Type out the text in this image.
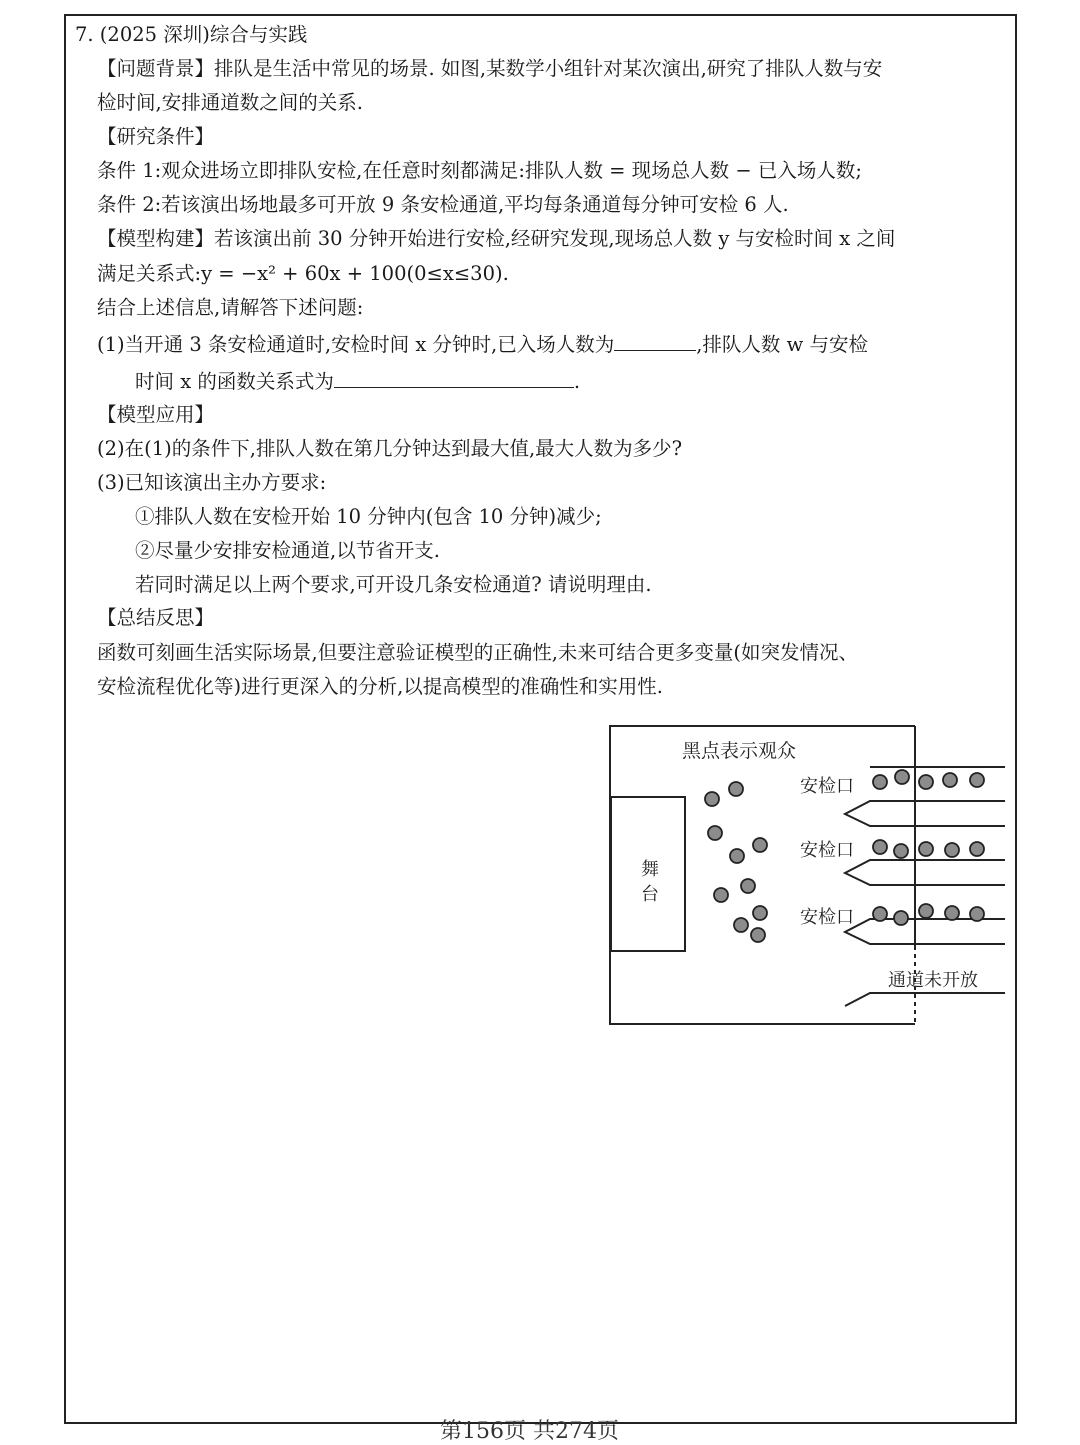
7. (2025 深圳)综合与实践
【问题背景】排队是生活中常见的场景. 如图,某数学小组针对某次演出,研究了排队人数与安
检时间,安排通道数之间的关系.
【研究条件】
条件 1:观众进场立即排队安检,在任意时刻都满足:排队人数 = 现场总人数 − 已入场人数;
条件 2:若该演出场地最多可开放 9 条安检通道,平均每条通道每分钟可安检 6 人.
【模型构建】若该演出前 30 分钟开始进行安检,经研究发现,现场总人数 y 与安检时间 x 之间
满足关系式:y = −x² + 60x + 100(0≤x≤30).
结合上述信息,请解答下述问题:
(1)当开通 3 条安检通道时,安检时间 x 分钟时,已入场人数为	,排队人数 w 与安检
时间 x 的函数关系式为	.
【模型应用】
(2)在(1)的条件下,排队人数在第几分钟达到最大值,最大人数为多少?
(3)已知该演出主办方要求:
①排队人数在安检开始 10 分钟内(包含 10 分钟)减少;
②尽量少安排安检通道,以节省开支.
若同时满足以上两个要求,可开设几条安检通道? 请说明理由.
【总结反思】
函数可刻画生活实际场景,但要注意验证模型的正确性,未来可结合更多变量(如突发情况、
安检流程优化等)进行更深入的分析,以提高模型的准确性和实用性.
舞
台
黑点表示观众
安检口
安检口
安检口
通道未开放
第156页 共274页
